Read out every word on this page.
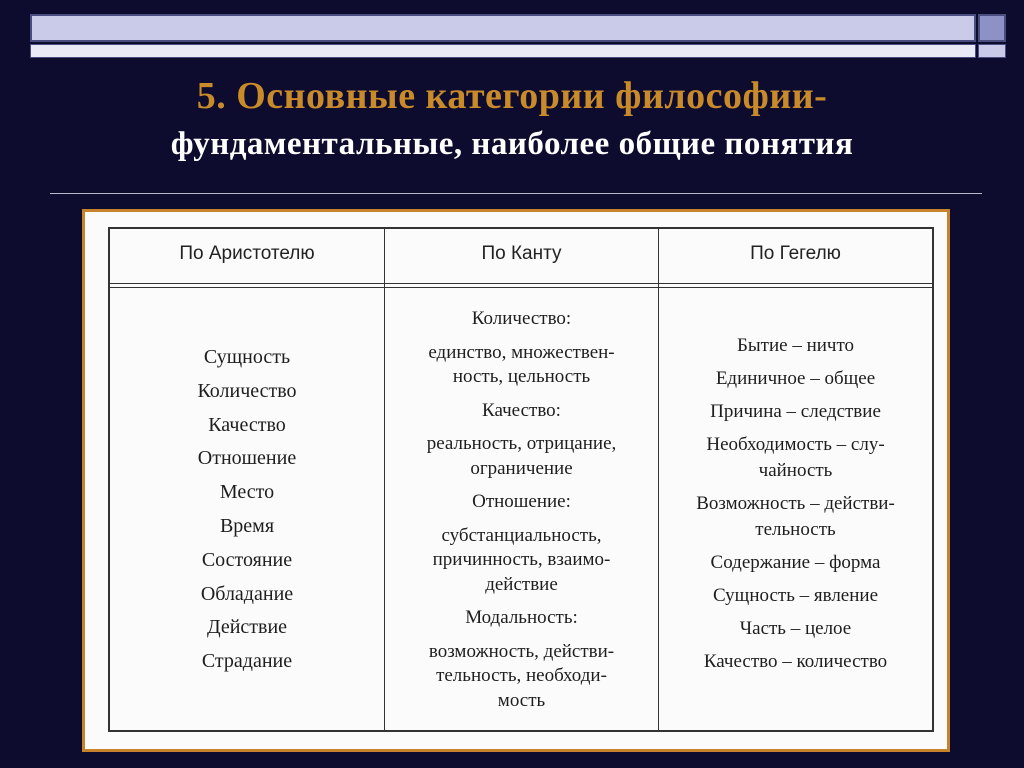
5. Основные категории философии-
фундаментальные, наиболее общие понятия
По Аристотелю	По Канту	По Гегелю
Сущность
Количество
Качество
Отношение
Место
Время
Состояние
Обладание
Действие
Страдание
Количество:
единство, множествен-
ность, цельность
Качество:
реальность, отрицание,
ограничение
Отношение:
субстанциальность,
причинность, взаимо-
действие
Модальность:
возможность, действи-
тельность, необходи-
мость
Бытие – ничто
Единичное – общее
Причина – следствие
Необходимость – слу-
чайность
Возможность – действи-
тельность
Содержание – форма
Сущность – явление
Часть – целое
Качество – количество
